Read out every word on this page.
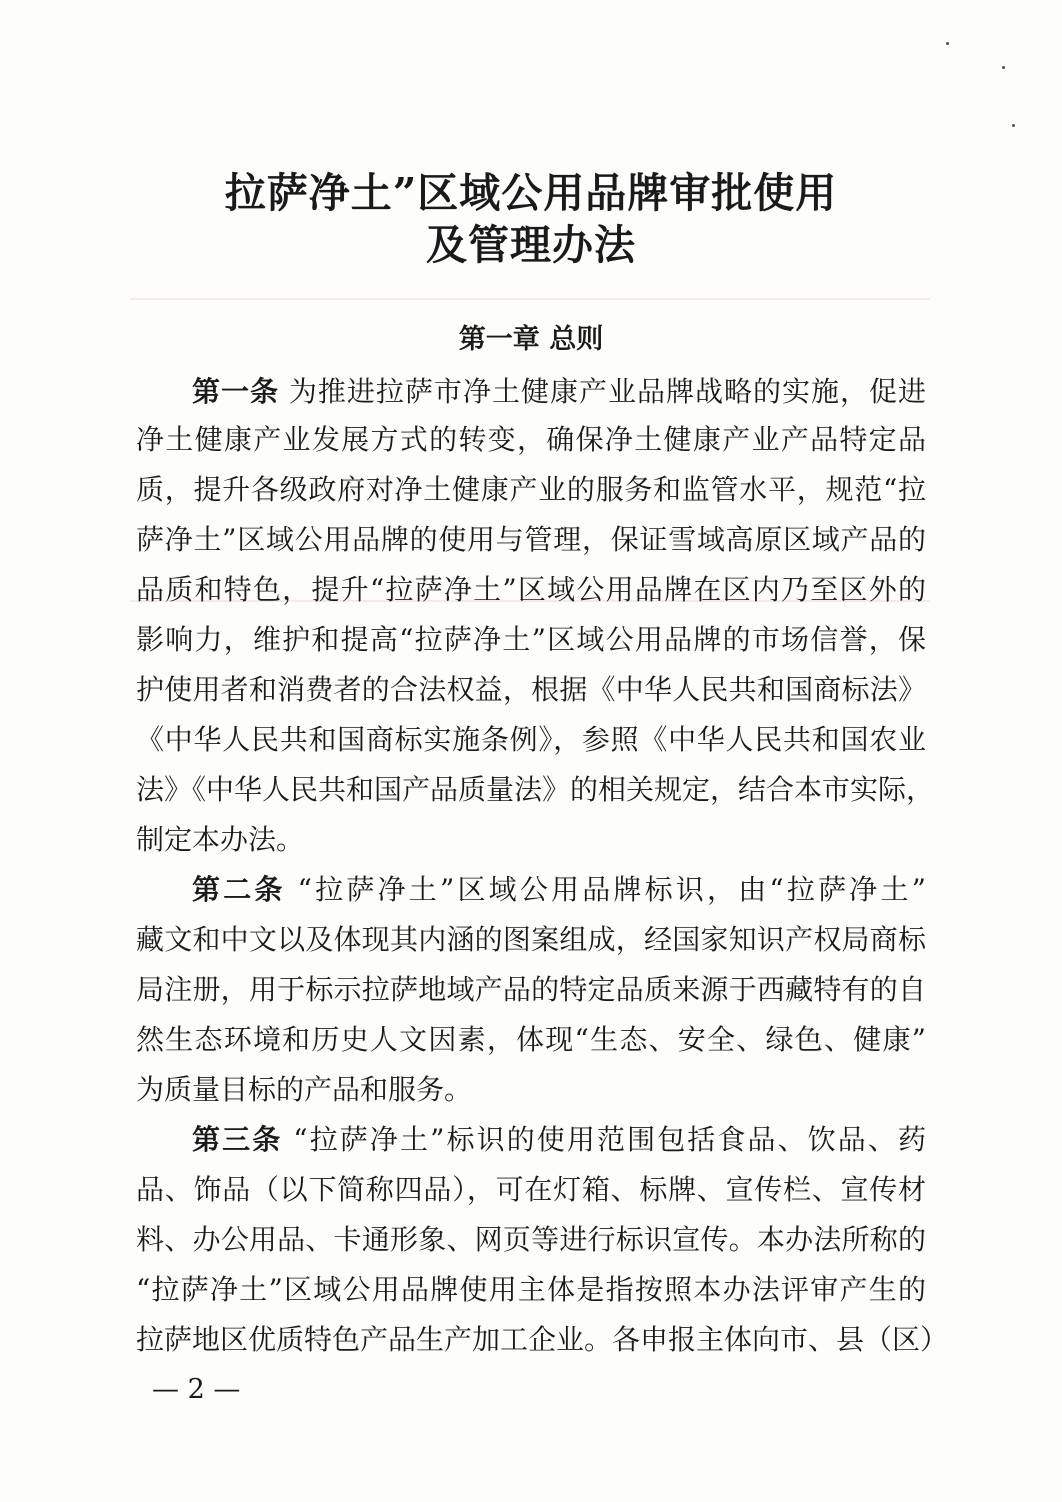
拉萨净土”区域公用品牌审批使用
及管理办法
第一章 总则
第一条 为推进拉萨市净土健康产业品牌战略的实施，促进
净土健康产业发展方式的转变，确保净土健康产业产品特定品
质，提升各级政府对净土健康产业的服务和监管水平，规范“拉
萨净土”区域公用品牌的使用与管理，保证雪域高原区域产品的
品质和特色，提升“拉萨净土”区域公用品牌在区内乃至区外的
影响力，维护和提高“拉萨净土”区域公用品牌的市场信誉，保
护使用者和消费者的合法权益，根据《中华人民共和国商标法》
《中华人民共和国商标实施条例》，参照《中华人民共和国农业
法》《中华人民共和国产品质量法》的相关规定，结合本市实际，
制定本办法。
第二条 “拉萨净土”区域公用品牌标识，由“拉萨净土”
藏文和中文以及体现其内涵的图案组成，经国家知识产权局商标
局注册，用于标示拉萨地域产品的特定品质来源于西藏特有的自
然生态环境和历史人文因素，体现“生态、安全、绿色、健康”
为质量目标的产品和服务。
第三条 “拉萨净土”标识的使用范围包括食品、饮品、药
品、饰品（以下简称四品），可在灯箱、标牌、宣传栏、宣传材
料、办公用品、卡通形象、网页等进行标识宣传。本办法所称的
“拉萨净土”区域公用品牌使用主体是指按照本办法评审产生的
拉萨地区优质特色产品生产加工企业。各申报主体向市、县（区）
— 2 —
